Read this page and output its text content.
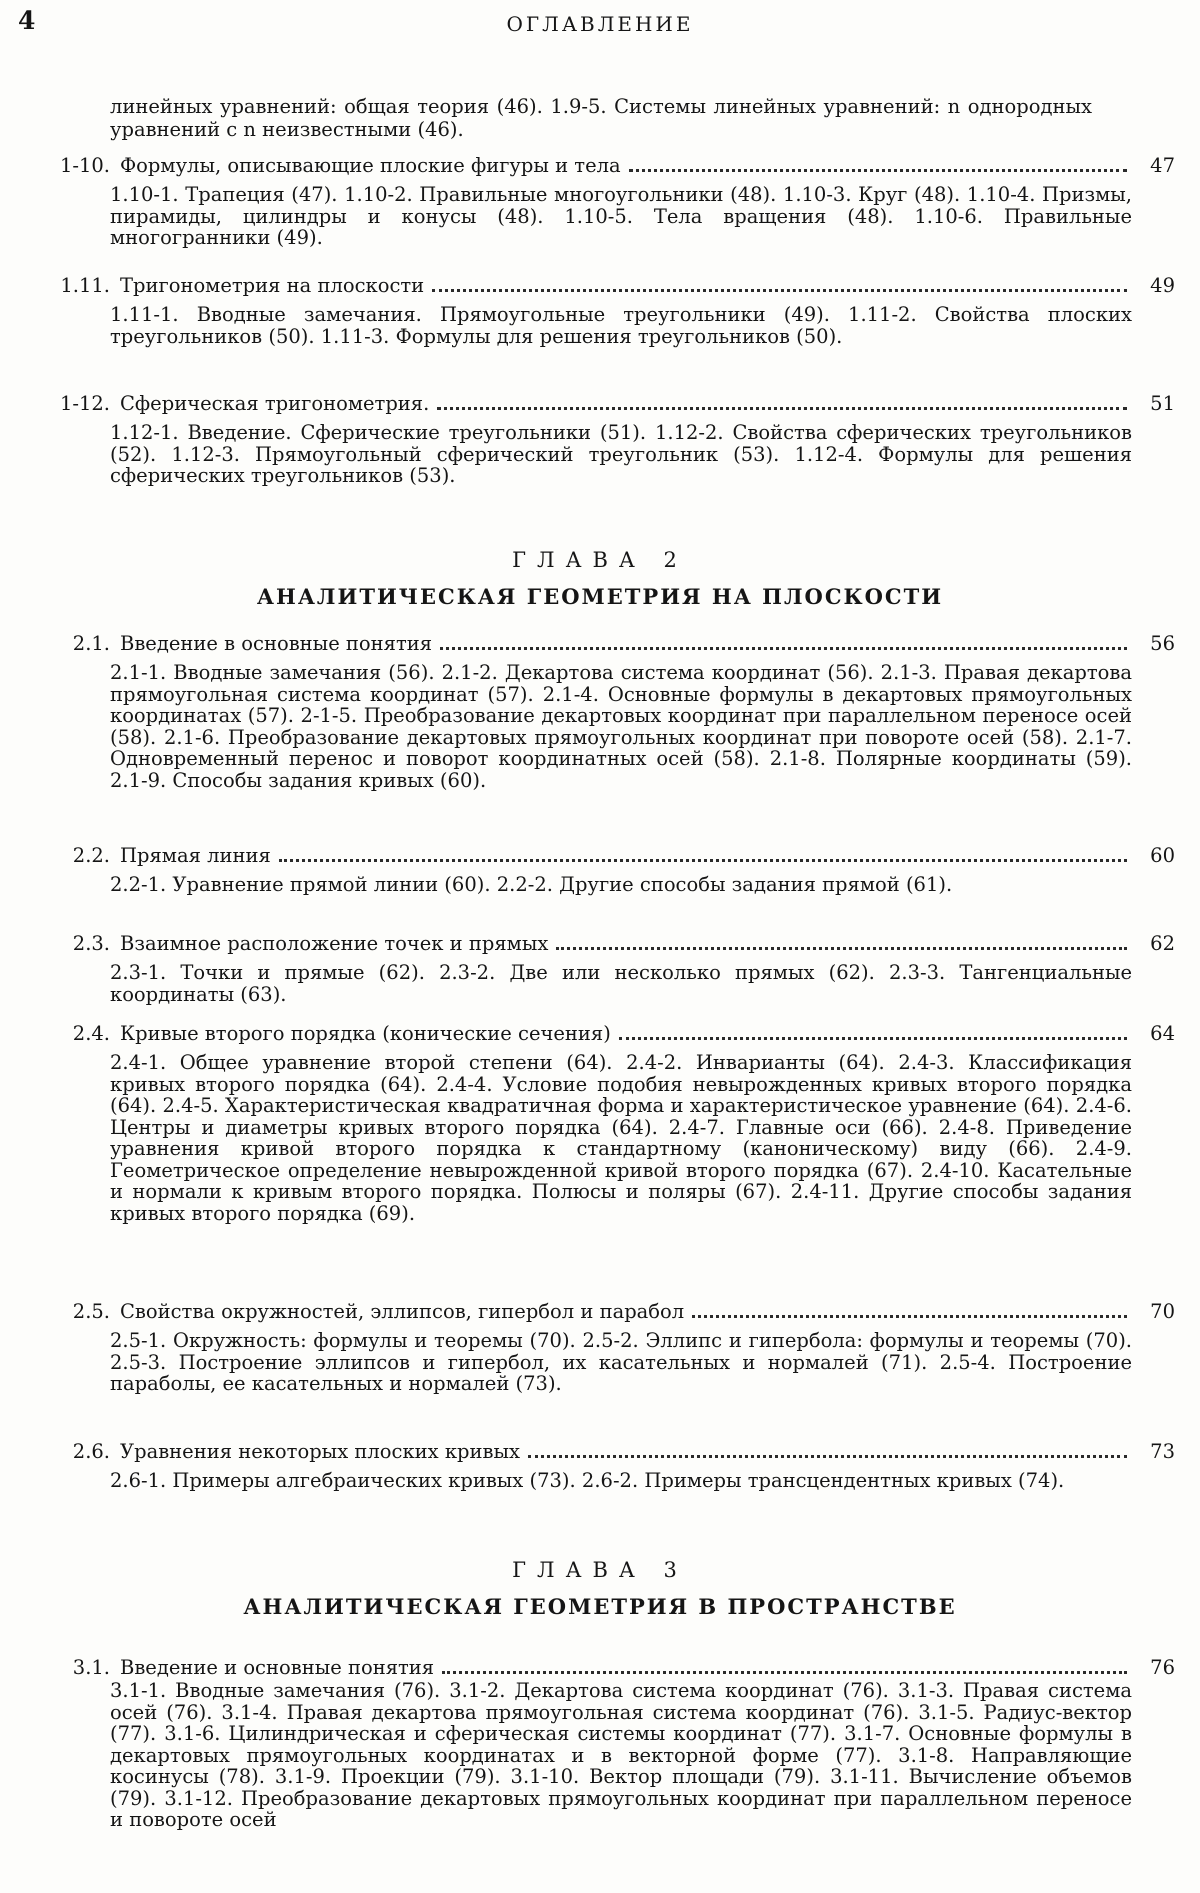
4	ОГЛАВЛЕНИЕ
линейных уравнений: общая теория (46). 1.9-5. Системы линейных уравнений: n однородных уравнений с n неизвестными (46).
1-10. Формулы, описывающие плоские фигуры и тела	47
1.10-1. Трапеция (47). 1.10-2. Правильные многоугольники (48). 1.10-3. Круг (48). 1.10-4. Призмы, пирамиды, цилиндры и конусы (48). 1.10-5. Тела вращения (48). 1.10-6. Правильные многогранники (49).
1.11. Тригонометрия на плоскости	49
1.11-1. Вводные замечания. Прямоугольные треугольники (49). 1.11-2. Свойства плоских треугольников (50). 1.11-3. Формулы для решения треугольников (50).
1-12. Сферическая тригонометрия.	51
1.12-1. Введение. Сферические треугольники (51). 1.12-2. Свойства сферических треугольников (52). 1.12-3. Прямоугольный сферический треугольник (53). 1.12-4. Формулы для решения сферических треугольников (53).
ГЛАВА 2
АНАЛИТИЧЕСКАЯ ГЕОМЕТРИЯ НА ПЛОСКОСТИ
2.1. Введение в основные понятия	56
2.1-1. Вводные замечания (56). 2.1-2. Декартова система координат (56). 2.1-3. Правая декартова прямоугольная система координат (57). 2.1-4. Основные формулы в декартовых прямоугольных координатах (57). 2-1-5. Преобразование декартовых координат при параллельном переносе осей (58). 2.1-6. Преобразование декартовых прямоугольных координат при повороте осей (58). 2.1-7. Одновременный перенос и поворот координатных осей (58). 2.1-8. Полярные координаты (59). 2.1-9. Способы задания кривых (60).
2.2. Прямая линия	60
2.2-1. Уравнение прямой линии (60). 2.2-2. Другие способы задания прямой (61).
2.3. Взаимное расположение точек и прямых	62
2.3-1. Точки и прямые (62). 2.3-2. Две или несколько прямых (62). 2.3-3. Тангенциальные координаты (63).
2.4. Кривые второго порядка (конические сечения)	64
2.4-1. Общее уравнение второй степени (64). 2.4-2. Инварианты (64). 2.4-3. Классификация кривых второго порядка (64). 2.4-4. Условие подобия невырожденных кривых второго порядка (64). 2.4-5. Характеристическая квадратичная форма и характеристическое уравнение (64). 2.4-6. Центры и диаметры кривых второго порядка (64). 2.4-7. Главные оси (66). 2.4-8. Приведение уравнения кривой второго порядка к стандартному (каноническому) виду (66). 2.4-9. Геометрическое определение невырожденной кривой второго порядка (67). 2.4-10. Касательные и нормали к кривым второго порядка. Полюсы и поляры (67). 2.4-11. Другие способы задания кривых второго порядка (69).
2.5. Свойства окружностей, эллипсов, гипербол и парабол	70
2.5-1. Окружность: формулы и теоремы (70). 2.5-2. Эллипс и гипербола: формулы и теоремы (70). 2.5-3. Построение эллипсов и гипербол, их касательных и нормалей (71). 2.5-4. Построение параболы, ее касательных и нормалей (73).
2.6. Уравнения некоторых плоских кривых	73
2.6-1. Примеры алгебраических кривых (73). 2.6-2. Примеры трансцендентных кривых (74).
ГЛАВА 3
АНАЛИТИЧЕСКАЯ ГЕОМЕТРИЯ В ПРОСТРАНСТВЕ
3.1. Введение и основные понятия	76
3.1-1. Вводные замечания (76). 3.1-2. Декартова система координат (76). 3.1-3. Правая система осей (76). 3.1-4. Правая декартова прямоугольная система координат (76). 3.1-5. Радиус-вектор (77). 3.1-6. Цилиндрическая и сферическая системы координат (77). 3.1-7. Основные формулы в декартовых прямоугольных координатах и в векторной форме (77). 3.1-8. Направляющие косинусы (78). 3.1-9. Проекции (79). 3.1-10. Вектор площади (79). 3.1-11. Вычисление объемов (79). 3.1-12. Преобразование декартовых прямоугольных координат при параллельном переносе и повороте осей
